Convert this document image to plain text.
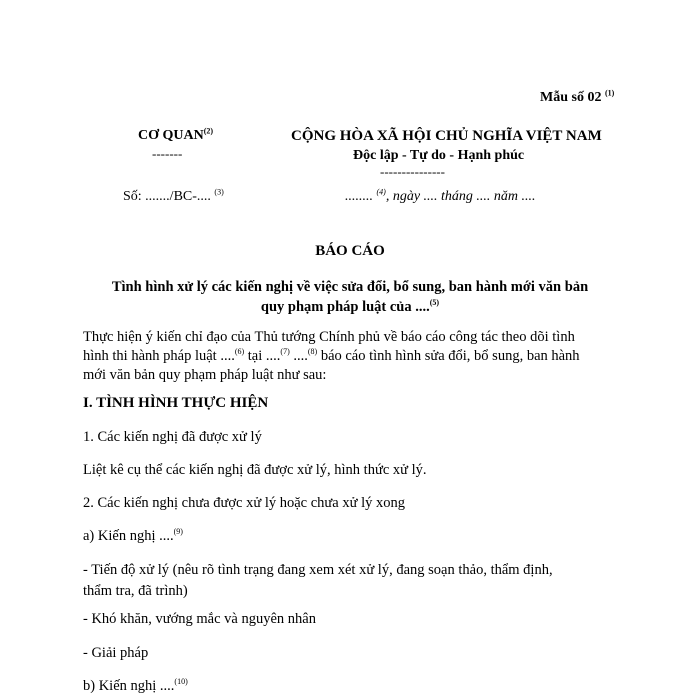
Mẫu số 02 $^{(1)}$
CƠ QUAN$^{(2)}$
-------
CỘNG HÒA XÃ HỘI CHỦ NGHĨA VIỆT NAM
Độc lập - Tự do - Hạnh phúc
---------------
Số: ......./BC-.... $^{(3)}$	........ $^{(4)}$, ngày .... tháng .... năm ....
BÁO CÁO
Tình hình xử lý các kiến nghị về việc sửa đổi, bổ sung, ban hành mới văn bản quy phạm pháp luật của ....$^{(5)}$
Thực hiện ý kiến chỉ đạo của Thủ tướng Chính phủ về báo cáo công tác theo dõi tình hình thi hành pháp luật ....$^{(6)}$ tại ....$^{(7)}$ ....$^{(8)}$ báo cáo tình hình sửa đổi, bổ sung, ban hành mới văn bản quy phạm pháp luật như sau:
I. TÌNH HÌNH THỰC HIỆN
1. Các kiến nghị đã được xử lý
Liệt kê cụ thể các kiến nghị đã được xử lý, hình thức xử lý.
2. Các kiến nghị chưa được xử lý hoặc chưa xử lý xong
a) Kiến nghị ....$^{(9)}$
- Tiến độ xử lý (nêu rõ tình trạng đang xem xét xử lý, đang soạn thảo, thẩm định, thẩm tra, đã trình)
- Khó khăn, vướng mắc và nguyên nhân
- Giải pháp
b) Kiến nghị ....$^{(10)}$
